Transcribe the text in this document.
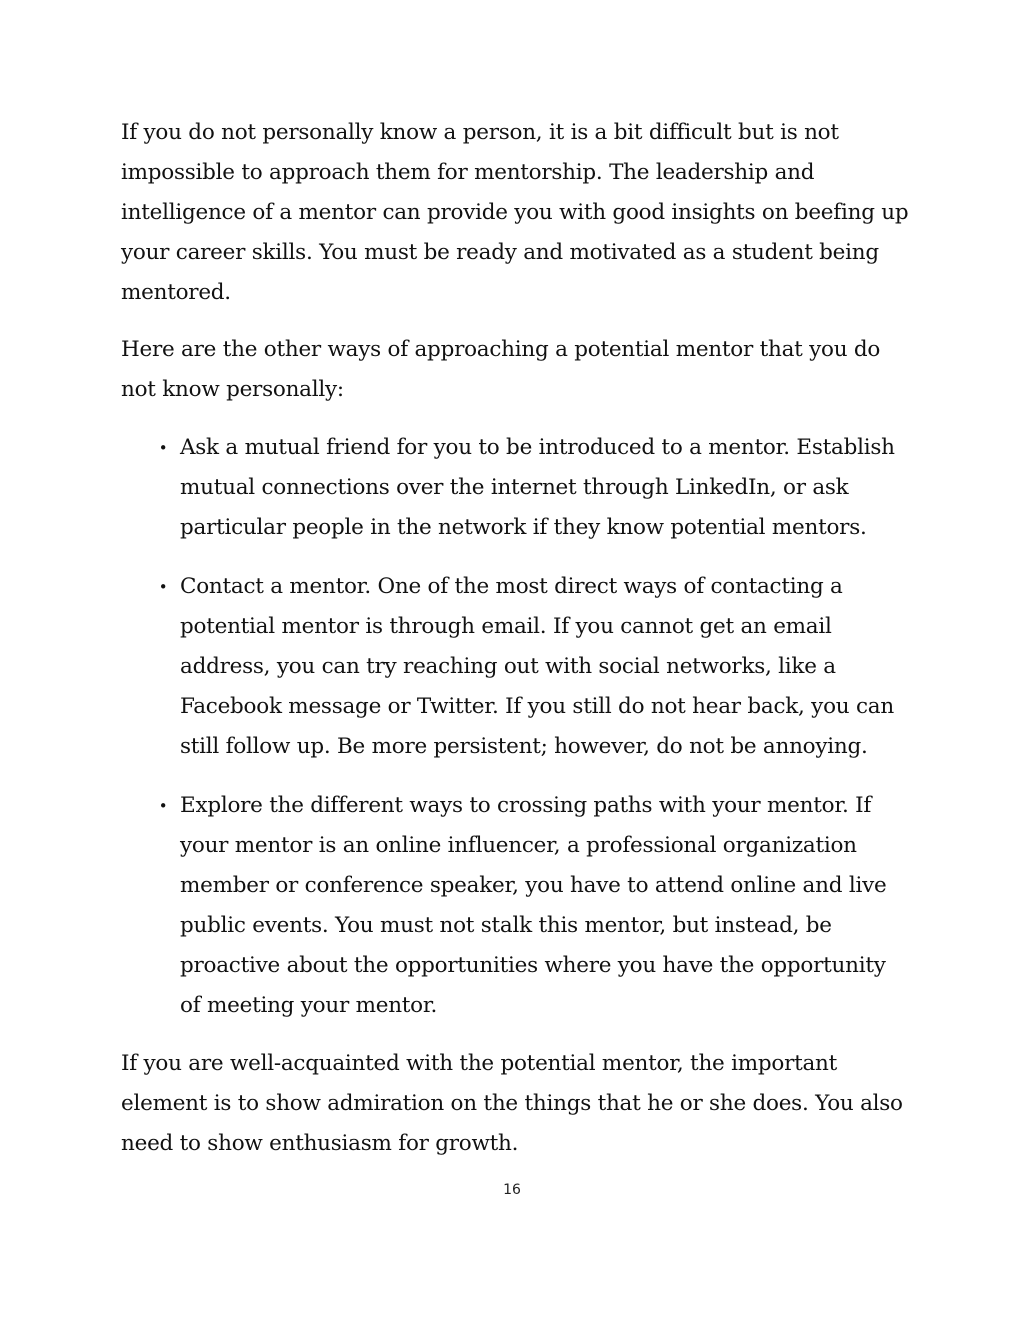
If you do not personally know a person, it is a bit difficult but is not impossible to approach them for mentorship. The leadership and intelligence of a mentor can provide you with good insights on beefing up your career skills. You must be ready and motivated as a student being mentored.

Here are the other ways of approaching a potential mentor that you do not know personally:

• Ask a mutual friend for you to be introduced to a mentor. Establish mutual connections over the internet through LinkedIn, or ask particular people in the network if they know potential mentors.
• Contact a mentor. One of the most direct ways of contacting a potential mentor is through email. If you cannot get an email address, you can try reaching out with social networks, like a Facebook message or Twitter. If you still do not hear back, you can still follow up. Be more persistent; however, do not be annoying.
• Explore the different ways to crossing paths with your mentor. If your mentor is an online influencer, a professional organization member or conference speaker, you have to attend online and live public events. You must not stalk this mentor, but instead, be proactive about the opportunities where you have the opportunity of meeting your mentor.

If you are well-acquainted with the potential mentor, the important element is to show admiration on the things that he or she does. You also need to show enthusiasm for growth.

16
